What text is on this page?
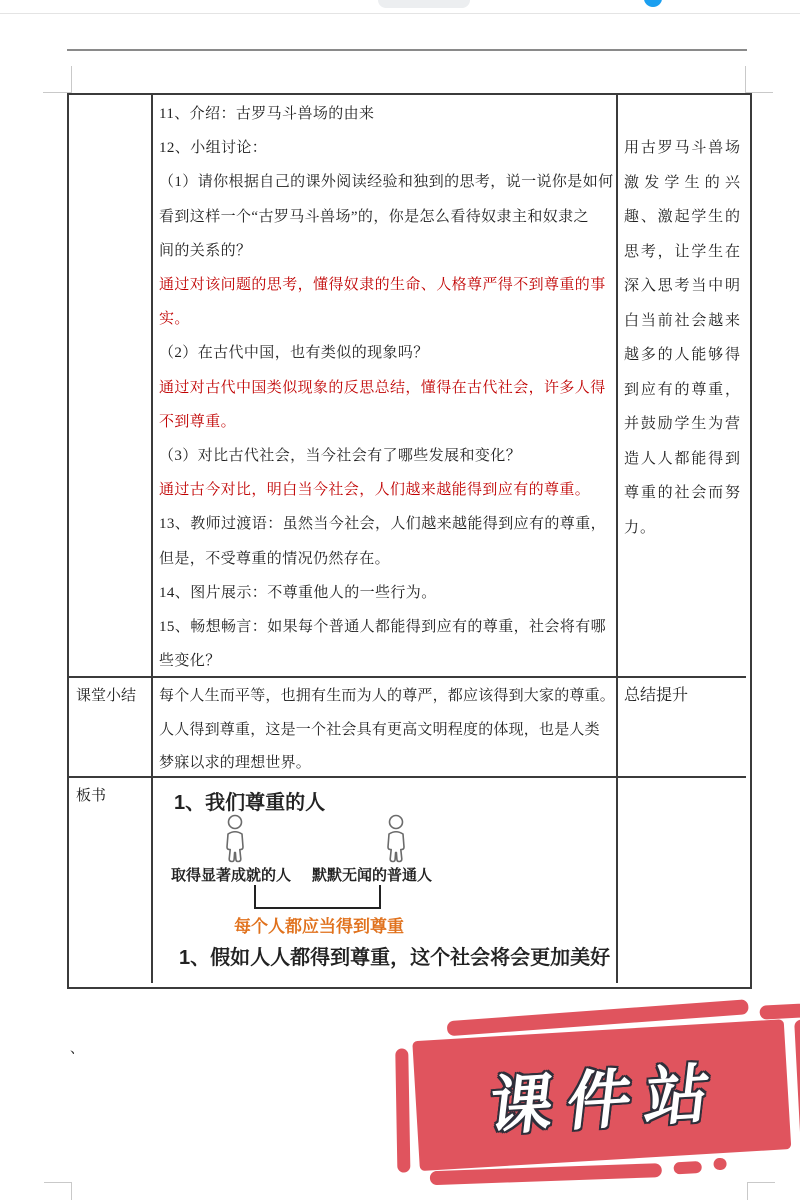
11、介绍：古罗马斗兽场的由来
12、小组讨论：
（1）请你根据自己的课外阅读经验和独到的思考，说一说你是如何
看到这样一个“古罗马斗兽场”的，你是怎么看待奴隶主和奴隶之
间的关系的？
通过对该问题的思考，懂得奴隶的生命、人格尊严得不到尊重的事
实。
（2）在古代中国，也有类似的现象吗？
通过对古代中国类似现象的反思总结，懂得在古代社会，许多人得
不到尊重。
（3）对比古代社会，当今社会有了哪些发展和变化？
通过古今对比，明白当今社会，人们越来越能得到应有的尊重。
13、教师过渡语：虽然当今社会，人们越来越能得到应有的尊重，
但是，不受尊重的情况仍然存在。
14、图片展示：不尊重他人的一些行为。
15、畅想畅言：如果每个普通人都能得到应有的尊重，社会将有哪
些变化？
用古罗马斗兽场
激发学生的兴
趣、激起学生的
思考，让学生在
深入思考当中明
白当前社会越来
越多的人能够得
到应有的尊重，
并鼓励学生为营
造人人都能得到
尊重的社会而努
力。
课堂小结	每个人生而平等，也拥有生而为人的尊严，都应该得到大家的尊重。
人人得到尊重，这是一个社会具有更高文明程度的体现，也是人类
梦寐以求的理想世界。
总结提升
板书	1、我们尊重的人
取得显著成就的人 默默无闻的普通人
每个人都应当得到尊重
1、假如人人都得到尊重，这个社会将会更加美好
、
课件站
